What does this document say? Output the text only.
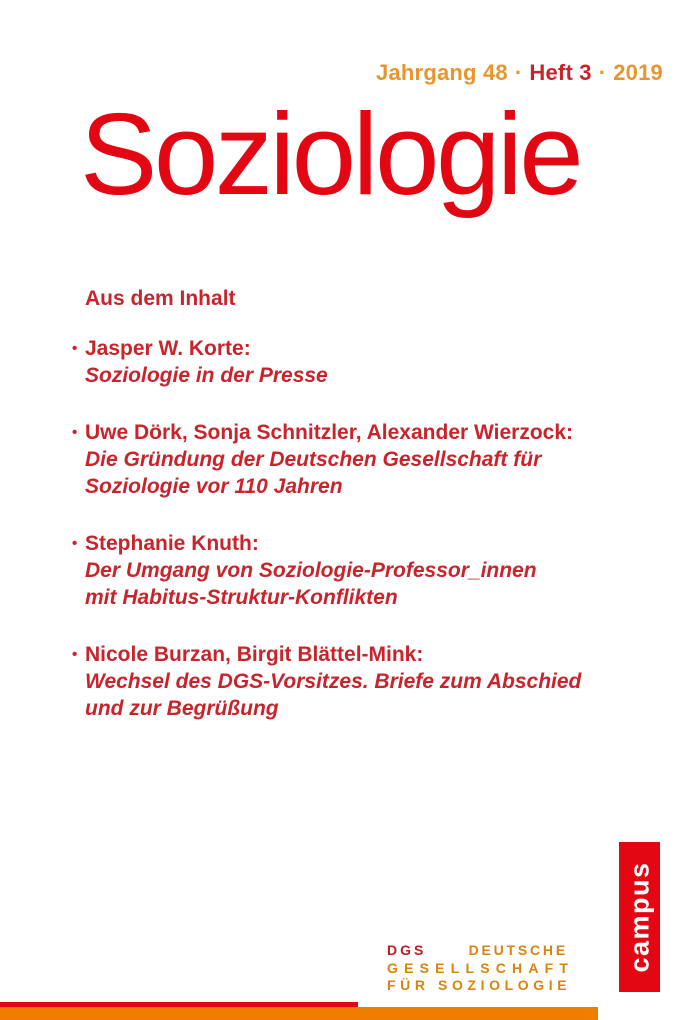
Jahrgang 48 · Heft 3 · 2019
Soziologie
Aus dem Inhalt
• Jasper W. Korte:
Soziologie in der Presse
• Uwe Dörk, Sonja Schnitzler, Alexander Wierzock:
Die Gründung der Deutschen Gesellschaft für
Soziologie vor 110 Jahren
• Stephanie Knuth:
Der Umgang von Soziologie-Professor_innen
mit Habitus-Struktur-Konflikten
• Nicole Burzan, Birgit Blättel-Mink:
Wechsel des DGS-Vorsitzes. Briefe zum Abschied
und zur Begrüßung
DGS	DEUTSCHE
GESELLSCHAFT
FÜR SOZIOLOGIE
campus
